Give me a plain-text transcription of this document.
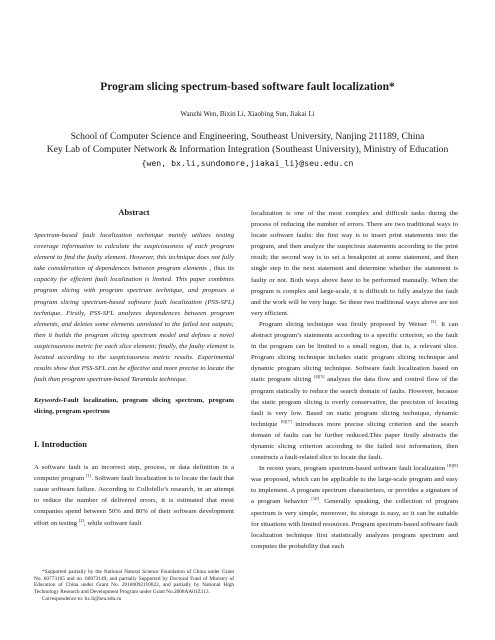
Program slicing spectrum-based software fault localization*

Wanzhi Wen, Bixin Li, Xiaobing Sun, Jiakai Li

School of Computer Science and Engineering, Southeast University, Nanjing 211189, China
Key Lab of Computer Network & Information Integration (Southeast University), Ministry of Education
{wen, bx.li,sundomore,jiakai_li}@seu.edu.cn
Abstract

Spectrum-based fault localization technique mainly utilizes testing coverage information to calculate the suspiciousness of each program element to find the faulty element. However, this technique does not fully take consideration of dependences between program elements , thus its capacity for efficient fault localization is limited. This paper combines program slicing with program spectrum technique, and proposes a program slicing spectrum-based software fault localization (PSS-SFL) technique. Firstly, PSS-SFL analyzes dependences between program elements, and deletes some elements unrelated to the failed test outputs; then it builds the program slicing spectrum model and defines a novel suspiciousness metric for each slice element; finally, the faulty element is located according to the suspiciousness metric results. Experimental results show that PSS-SFL can be effective and more precise to locate the fault than program spectrum-based Tarantula technique.

Keywords-Fault localization, program slicing spectrum, program slicing, program spectrum

I. Introduction

A software fault is an incorrect step, process, or data definition in a computer program [1]. Software fault localization is to locate the fault that cause software failure. According to Collofello’s research, in an attempt to reduce the number of delivered errors, it is estimated that most companies spend between 50% and 80% of their software development effort on testing [2], while software fault

*Supported partially by the National Natural Science Foundation of China under Grant No. 60773105 and no. 60973149, and partially Supported by Doctoral Fund of Ministry of Education of China under Grant No. 20100092110022, and partially by National High Technology Research and Development Program under Grant No.2008AA01Z113.

Correspondence to: bx.li@seu.edu.cn

localization is one of the most complex and difficult tasks during the process of reducing the number of errors. There are two traditional ways to locate software faults: the first way is to insert print statements into the program, and then analyze the suspicious statements according to the print result; the second way is to set a breakpoint at some statement, and then single step to the next statement and determine whether the statement is faulty or not. Both ways above have to be performed manually. When the program is complex and large-scale, it is difficult to fully analyze the fault and the work will be very huge. So these two traditional ways above are not very efficient.

Program slicing technique was firstly proposed by Weiser [3]. It can abstract program’s statements according to a specific criterion, so the fault in the program can be limited to a small region, that is, a relevant slice. Program slicing technique includes static program slicing technique and dynamic program slicing technique. Software fault localization based on static program slicing [4][5] analyzes the data flow and control flow of the program statically to reduce the search domain of faults. However, because the static program slicing is overly conservative, the precision of locating fault is very low. Based on static program slicing technique, dynamic technique [6][7] introduces more precise slicing criterion and the search domain of faults can be further reduced.This paper firstly abstracts the dynamic slicing criterion according to the failed test information, then constructs a fault-related slice to locate the fault.

In recent years, program spectrum-based software fault localization [8][9] was proposed, which can be applicable to the large-scale program and easy to implement. A program spectrum characterizes, or provides a signature of a program behavior [10]. Generally speaking, the collection of program spectrum is very simple, moreover, its storage is easy, so it can be suitable for situations with limited resources. Program spectrum-based software fault localization technique first statistically analyzes program spectrum and computes the probability that each
